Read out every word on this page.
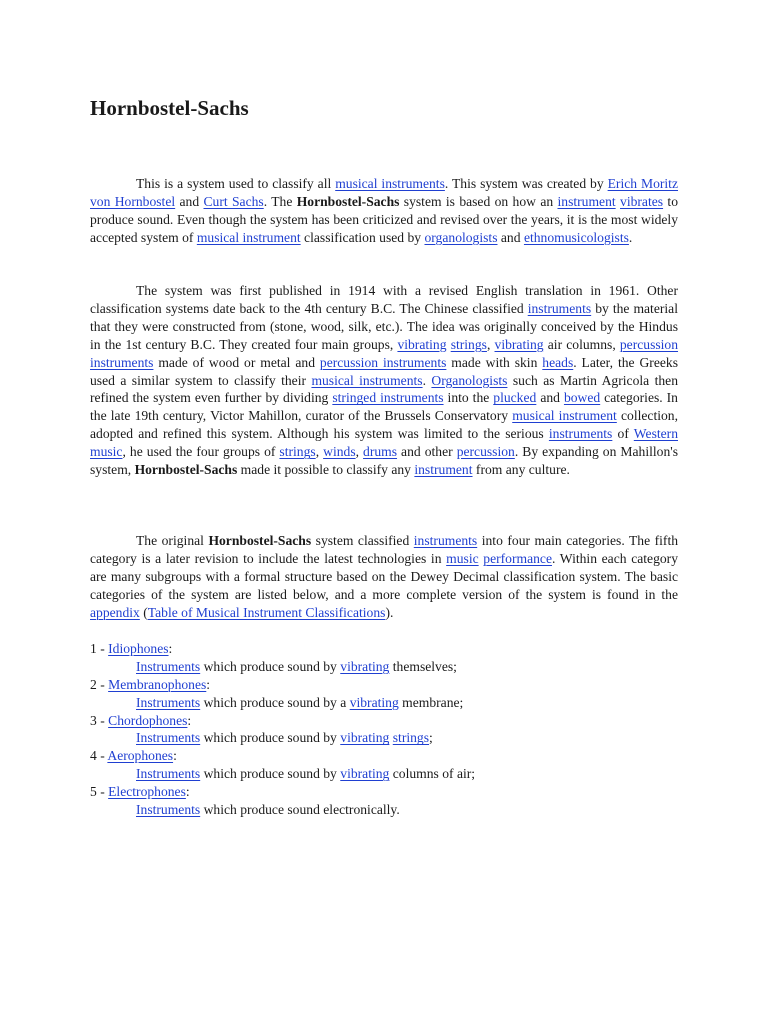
Hornbostel-Sachs

This is a system used to classify all musical instruments. This system was created by Erich Moritz von Hornbostel and Curt Sachs. The Hornbostel-Sachs system is based on how an instrument vibrates to produce sound. Even though the system has been criticized and revised over the years, it is the most widely accepted system of musical instrument classification used by organologists and ethnomusicologists.

The system was first published in 1914 with a revised English translation in 1961. Other classification systems date back to the 4th century B.C. The Chinese classified instruments by the material that they were constructed from (stone, wood, silk, etc.). The idea was originally conceived by the Hindus in the 1st century B.C. They created four main groups, vibrating strings, vibrating air columns, percussion instruments made of wood or metal and percussion instruments made with skin heads. Later, the Greeks used a similar system to classify their musical instruments. Organologists such as Martin Agricola then refined the system even further by dividing stringed instruments into the plucked and bowed categories. In the late 19th century, Victor Mahillon, curator of the Brussels Conservatory musical instrument collection, adopted and refined this system. Although his system was limited to the serious instruments of Western music, he used the four groups of strings, winds, drums and other percussion. By expanding on Mahillon's system, Hornbostel-Sachs made it possible to classify any instrument from any culture.

The original Hornbostel-Sachs system classified instruments into four main categories. The fifth category is a later revision to include the latest technologies in music performance. Within each category are many subgroups with a formal structure based on the Dewey Decimal classification system. The basic categories of the system are listed below, and a more complete version of the system is found in the appendix (Table of Musical Instrument Classifications).

1 - Idiophones:
Instruments which produce sound by vibrating themselves;
2 - Membranophones:
Instruments which produce sound by a vibrating membrane;
3 - Chordophones:
Instruments which produce sound by vibrating strings;
4 - Aerophones:
Instruments which produce sound by vibrating columns of air;
5 - Electrophones:
Instruments which produce sound electronically.
